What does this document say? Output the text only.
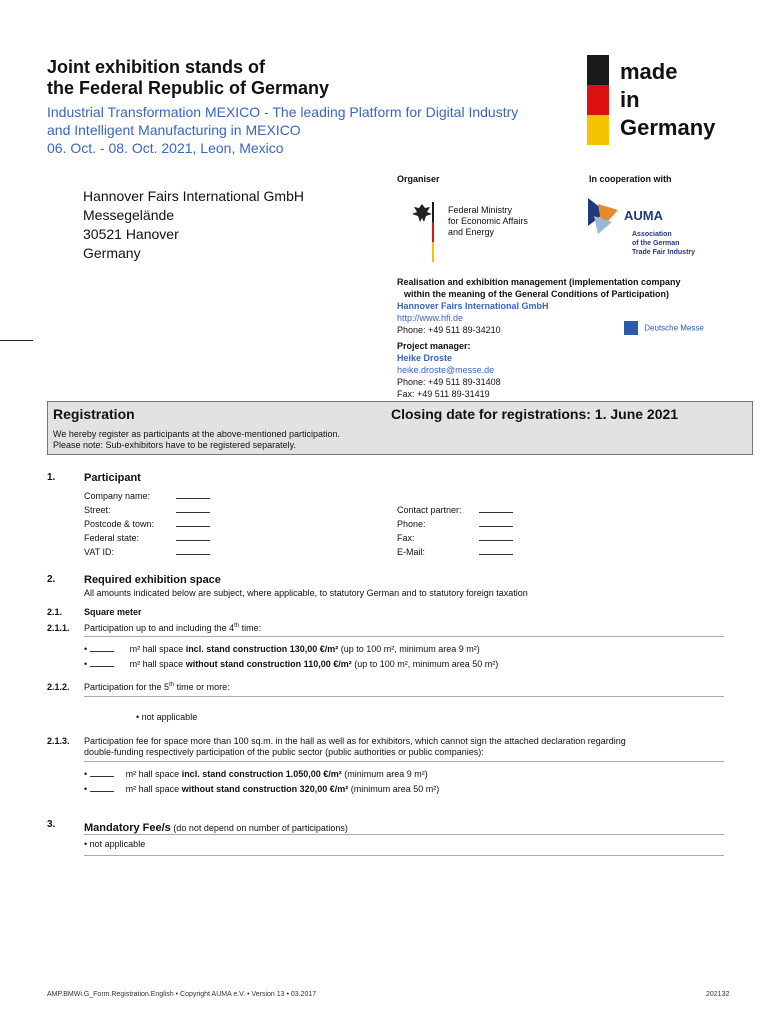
Joint exhibition stands of
the Federal Republic of Germany
Industrial Transformation MEXICO - The leading Platform for Digital Industry
and Intelligent Manufacturing in MEXICO
06. Oct. - 08. Oct. 2021, Leon, Mexico
made
in
Germany
Hannover Fairs International GmbH
Messegelände
30521 Hanover
Germany
Organiser
Federal Ministry
for Economic Affairs
and Energy
In cooperation with
AUMA
Association
of the German
Trade Fair Industry
Realisation and exhibition management (implementation company
within the meaning of the General Conditions of Participation)
Hannover Fairs International GmbH
http://www.hfi.de
Phone: +49 511 89-34210
Project manager:
Heike Droste
heike.droste@messe.de
Phone: +49 511 89-31408
Fax: +49 511 89-31419
Deutsche Messe
Registration	Closing date for registrations: 1. June 2021
We hereby register as participants at the above-mentioned participation.
Please note: Sub-exhibitors have to be registered separately.
1.	Participant
Company name:
Street:
Postcode & town:
Federal state:
VAT ID:
Contact partner:
Phone:
Fax:
E-Mail:
2.	Required exhibition space
All amounts indicated below are subject, where applicable, to statutory German and to statutory foreign taxation
2.1. Square meter
2.1.1. Participation up to and including the 4th time:
•	m² hall space incl. stand construction 130,00 €/m² (up to 100 m², minimum area 9 m²)
•	m² hall space without stand construction 110,00 €/m² (up to 100 m², minimum area 50 m²)
2.1.2. Participation for the 5th time or more:
• not applicable
2.1.3. Participation fee for space more than 100 sq.m. in the hall as well as for exhibitors, which cannot sign the attached declaration regarding
double-funding respectively participation of the public sector (public authorities or public companies):
•	m² hall space incl. stand construction 1.050,00 €/m² (minimum area 9 m²)
•	m² hall space without stand construction 320,00 €/m² (minimum area 50 m²)
3.	Mandatory Fee/s (do not depend on number of participations)
• not applicable
AMP.BMWi.G_Form.Registration.English • Copyright AUMA e.V. • Version 13 • 03.2017	202132
